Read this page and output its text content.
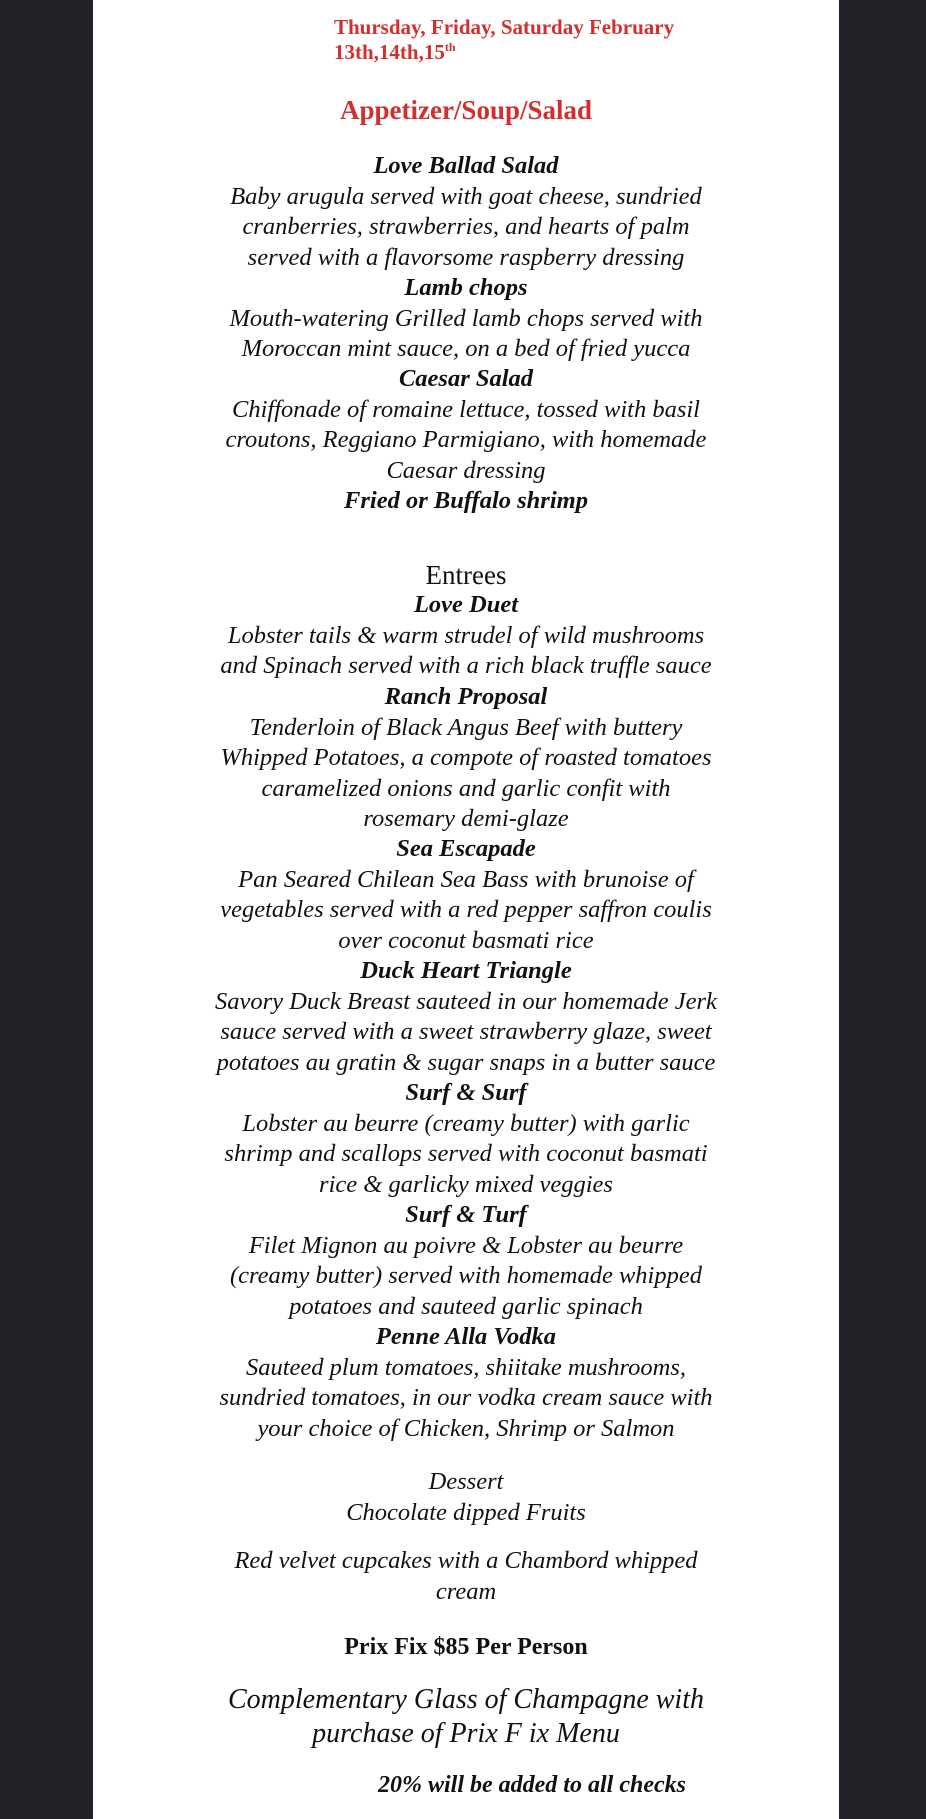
Thursday, Friday, Saturday February
13th,14th,15th
Appetizer/Soup/Salad
Love Ballad Salad
Baby arugula served with goat cheese, sundried
cranberries, strawberries, and hearts of palm
served with a flavorsome raspberry dressing
Lamb chops
Mouth-watering Grilled lamb chops served with
Moroccan mint sauce, on a bed of fried yucca
Caesar Salad
Chiffonade of romaine lettuce, tossed with basil
croutons, Reggiano Parmigiano, with homemade
Caesar dressing
Fried or Buffalo shrimp
Entrees
Love Duet
Lobster tails & warm strudel of wild mushrooms
and Spinach served with a rich black truffle sauce
Ranch Proposal
Tenderloin of Black Angus Beef with buttery
Whipped Potatoes, a compote of roasted tomatoes
caramelized onions and garlic confit with
rosemary demi-glaze
Sea Escapade
Pan Seared Chilean Sea Bass with brunoise of
vegetables served with a red pepper saffron coulis
over coconut basmati rice
Duck Heart Triangle
Savory Duck Breast sauteed in our homemade Jerk
sauce served with a sweet strawberry glaze, sweet
potatoes au gratin & sugar snaps in a butter sauce
Surf & Surf
Lobster au beurre (creamy butter) with garlic
shrimp and scallops served with coconut basmati
rice & garlicky mixed veggies
Surf & Turf
Filet Mignon au poivre & Lobster au beurre
(creamy butter) served with homemade whipped
potatoes and sauteed garlic spinach
Penne Alla Vodka
Sauteed plum tomatoes, shiitake mushrooms,
sundried tomatoes, in our vodka cream sauce with
your choice of Chicken, Shrimp or Salmon
Dessert
Chocolate dipped Fruits
Red velvet cupcakes with a Chambord whipped
cream
Prix Fix $85 Per Person
Complementary Glass of Champagne with
purchase of Prix F ix Menu
20% will be added to all checks
